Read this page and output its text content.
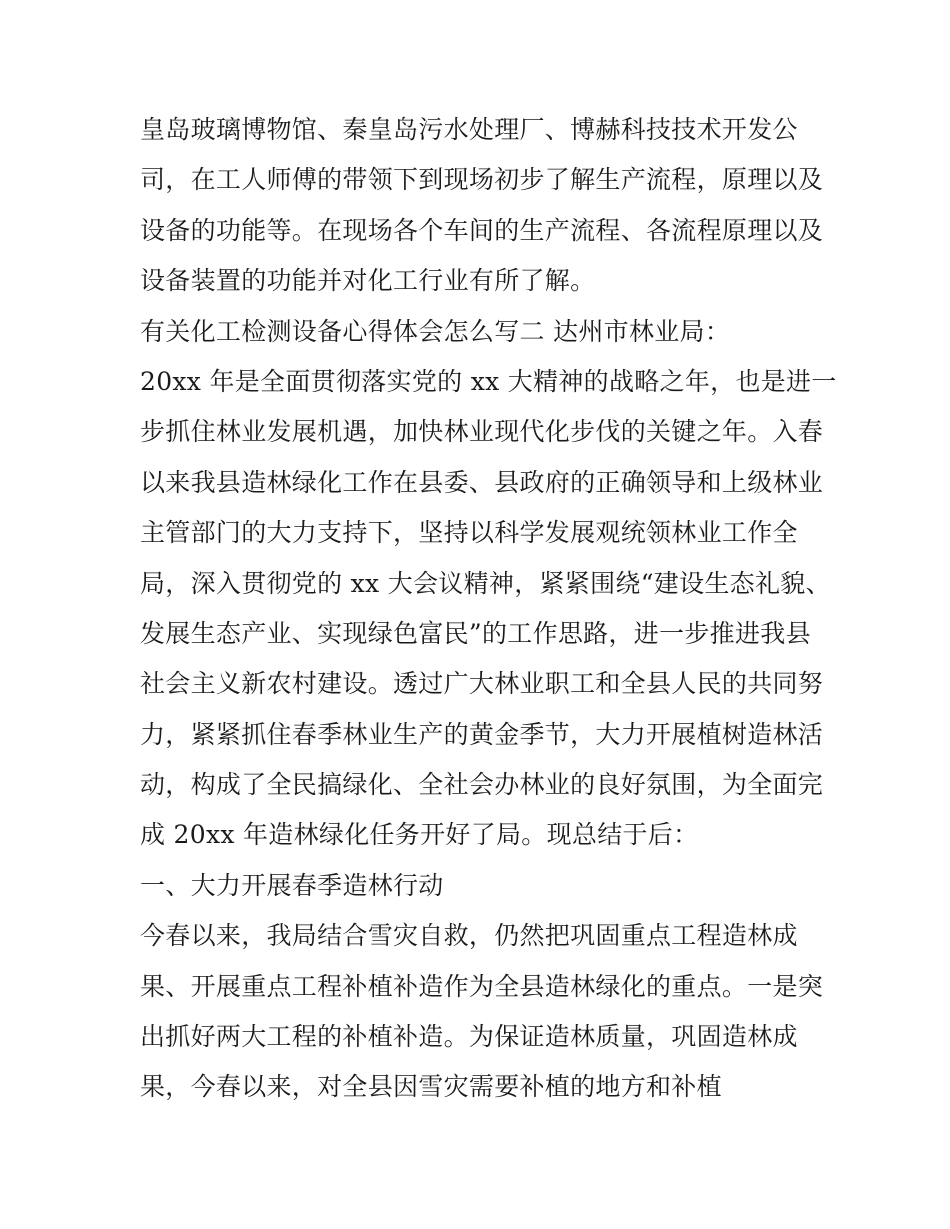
皇岛玻璃博物馆、秦皇岛污水处理厂、博赫科技技术开发公
司，在工人师傅的带领下到现场初步了解生产流程，原理以及
设备的功能等。在现场各个车间的生产流程、各流程原理以及
设备装置的功能并对化工行业有所了解。
有关化工检测设备心得体会怎么写二 达州市林业局：
20xx 年是全面贯彻落实党的 xx 大精神的战略之年，也是进一
步抓住林业发展机遇，加快林业现代化步伐的关键之年。入春
以来我县造林绿化工作在县委、县政府的正确领导和上级林业
主管部门的大力支持下，坚持以科学发展观统领林业工作全
局，深入贯彻党的 xx 大会议精神，紧紧围绕“建设生态礼貌、
发展生态产业、实现绿色富民”的工作思路，进一步推进我县
社会主义新农村建设。透过广大林业职工和全县人民的共同努
力，紧紧抓住春季林业生产的黄金季节，大力开展植树造林活
动，构成了全民搞绿化、全社会办林业的良好氛围，为全面完
成 20xx 年造林绿化任务开好了局。现总结于后：
一、大力开展春季造林行动
今春以来，我局结合雪灾自救，仍然把巩固重点工程造林成
果、开展重点工程补植补造作为全县造林绿化的重点。一是突
出抓好两大工程的补植补造。为保证造林质量，巩固造林成
果，今春以来，对全县因雪灾需要补植的地方和补植
